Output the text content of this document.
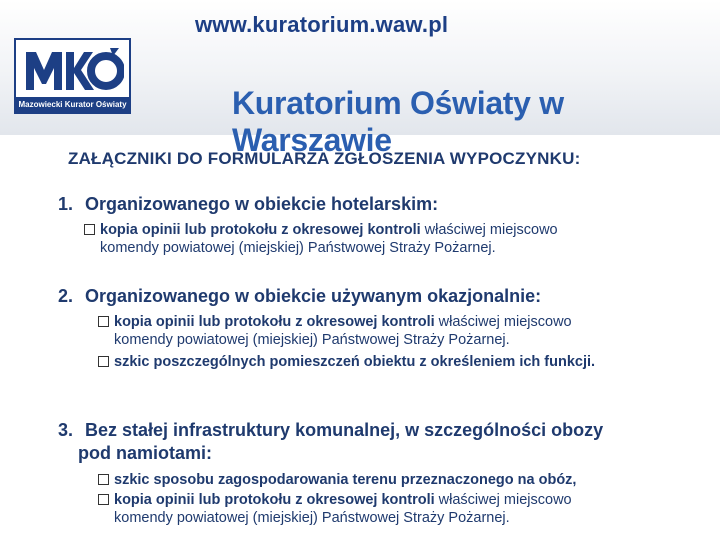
www.kuratorium.waw.pl
Mazowiecki Kurator Oświaty	Kuratorium Oświaty w Warszawie
ZAŁĄCZNIKI DO FORMULARZA ZGŁOSZENIA WYPOCZYNKU:
1. Organizowanego w obiekcie hotelarskim:
kopia opinii lub protokołu z okresowej kontroli właściwej miejscowo
komendy powiatowej (miejskiej) Państwowej Straży Pożarnej.
2. Organizowanego w obiekcie używanym okazjonalnie:
kopia opinii lub protokołu z okresowej kontroli właściwej miejscowo
komendy powiatowej (miejskiej) Państwowej Straży Pożarnej.
szkic poszczególnych pomieszczeń obiektu z określeniem ich funkcji.
3. Bez stałej infrastruktury komunalnej, w szczególności obozy
pod namiotami:
szkic sposobu zagospodarowania terenu przeznaczonego na obóz,
kopia opinii lub protokołu z okresowej kontroli właściwej miejscowo
komendy powiatowej (miejskiej) Państwowej Straży Pożarnej.
